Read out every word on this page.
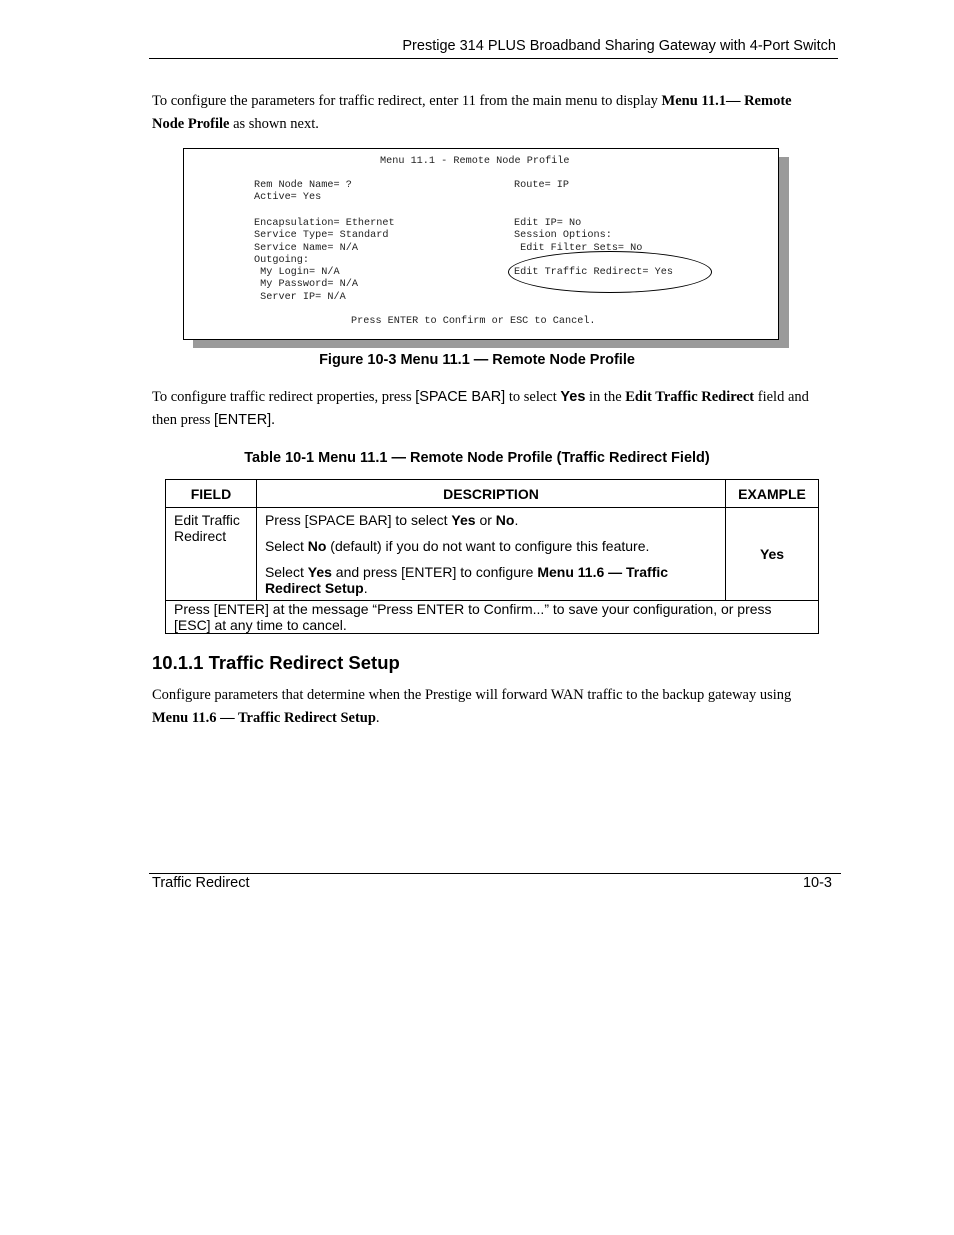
Prestige 314 PLUS Broadband Sharing Gateway with 4-Port Switch

To configure the parameters for traffic redirect, enter 11 from the main menu to display Menu 11.1— Remote Node Profile as shown next.

Menu 11.1 - Remote Node Profile
Rem Node Name= ?
Active= Yes
Route= IP
Encapsulation= Ethernet
Service Type= Standard
Service Name= N/A
Outgoing:
My Login= N/A
My Password= N/A
Server IP= N/A
Edit IP= No
Session Options:
Edit Filter Sets= No

Edit Traffic Redirect= Yes
Press ENTER to Confirm or ESC to Cancel.
Figure 10-3 Menu 11.1 — Remote Node Profile

To configure traffic redirect properties, press [SPACE BAR] to select Yes in the Edit Traffic Redirect field and then press [ENTER].

Table 10-1 Menu 11.1 — Remote Node Profile (Traffic Redirect Field)
FIELD	DESCRIPTION	EXAMPLE
Edit Traffic Redirect	Press [SPACE BAR] to select Yes or No.

Select No (default) if you do not want to configure this feature.

Select Yes and press [ENTER] to configure Menu 11.6 — Traffic Redirect Setup.	Yes
Press [ENTER] at the message “Press ENTER to Confirm...” to save your configuration, or press [ESC] at any time to cancel.		
10.1.1 Traffic Redirect Setup

Configure parameters that determine when the Prestige will forward WAN traffic to the backup gateway using Menu 11.6 — Traffic Redirect Setup.

Traffic Redirect	10-3
